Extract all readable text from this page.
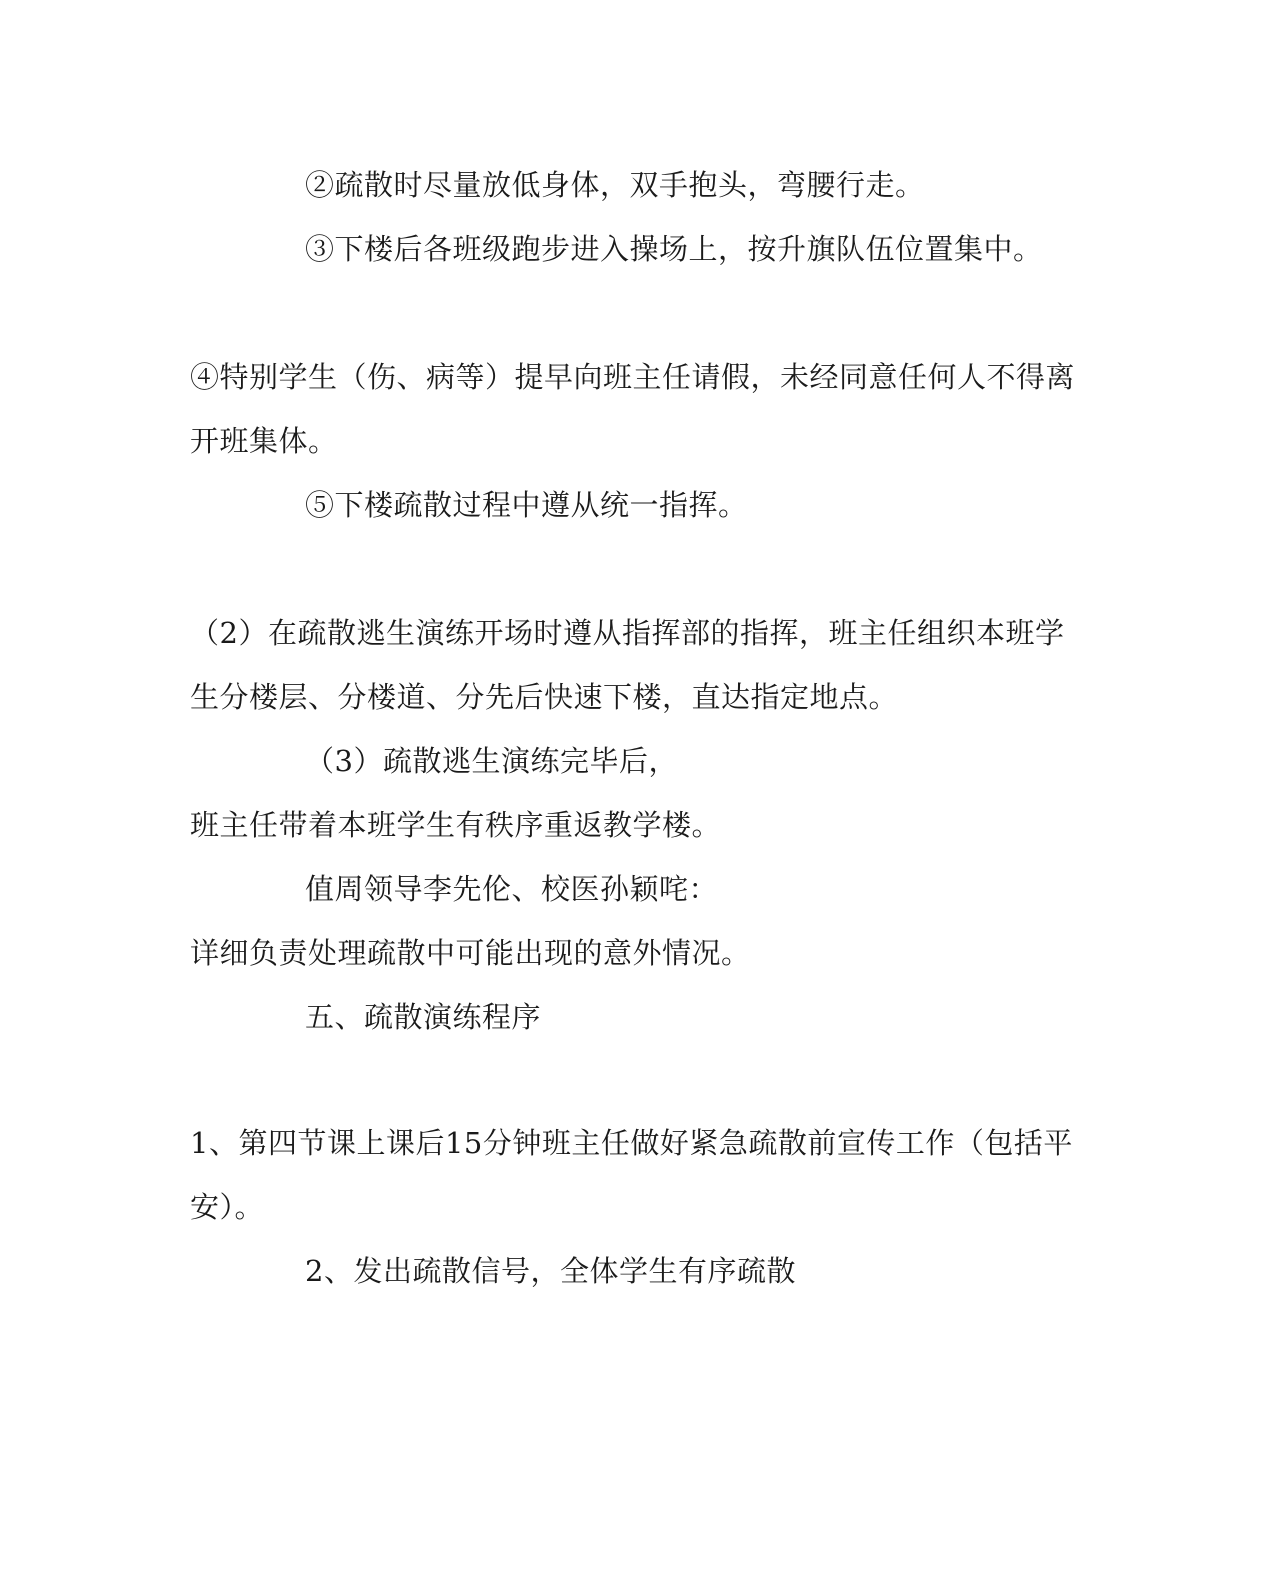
②疏散时尽量放低身体，双手抱头，弯腰行走。
③下楼后各班级跑步进入操场上，按升旗队伍位置集中。
④特别学生（伤、病等）提早向班主任请假，未经同意任何人不得离
开班集体。
⑤下楼疏散过程中遵从统一指挥。
（2）在疏散逃生演练开场时遵从指挥部的指挥，班主任组织本班学
生分楼层、分楼道、分先后快速下楼，直达指定地点。
（3）疏散逃生演练完毕后，
班主任带着本班学生有秩序重返教学楼。
值周领导李先伦、校医孙颖咤：
详细负责处理疏散中可能出现的意外情况。
五、疏散演练程序
1、第四节课上课后15分钟班主任做好紧急疏散前宣传工作（包括平
安）。
2、发出疏散信号，全体学生有序疏散
